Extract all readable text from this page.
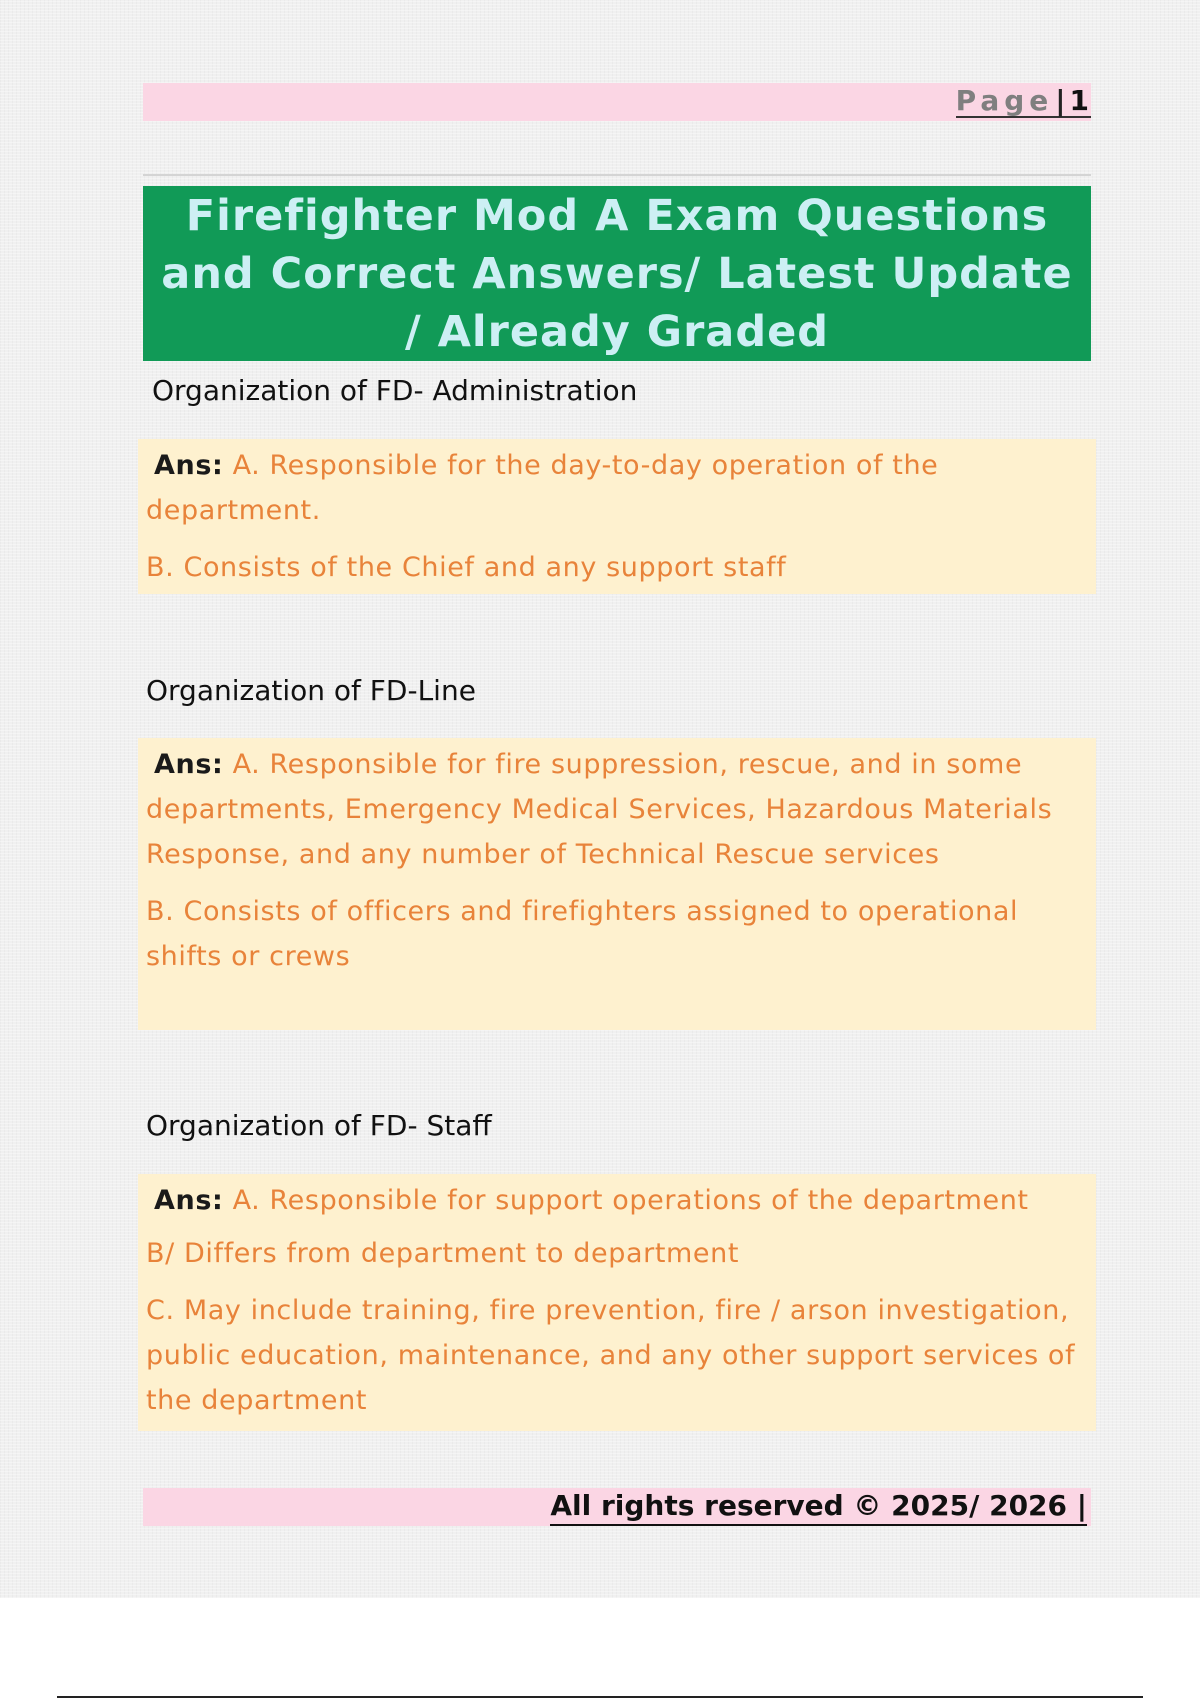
Page| 1
Firefighter Mod A Exam Questions and Correct Answers/ Latest Update / Already Graded
Organization of FD- Administration

Ans: A. Responsible for the day-to-day operation of the department.

B. Consists of the Chief and any support staff

Organization of FD-Line

Ans: A. Responsible for fire suppression, rescue, and in some departments, Emergency Medical Services, Hazardous Materials Response, and any number of Technical Rescue services

B. Consists of officers and firefighters assigned to operational shifts or crews

Organization of FD- Staff

Ans: A. Responsible for support operations of the department

B/ Differs from department to department

C. May include training, fire prevention, fire / arson investigation, public education, maintenance, and any other support services of the department

All rights reserved © 2025/ 2026 |
